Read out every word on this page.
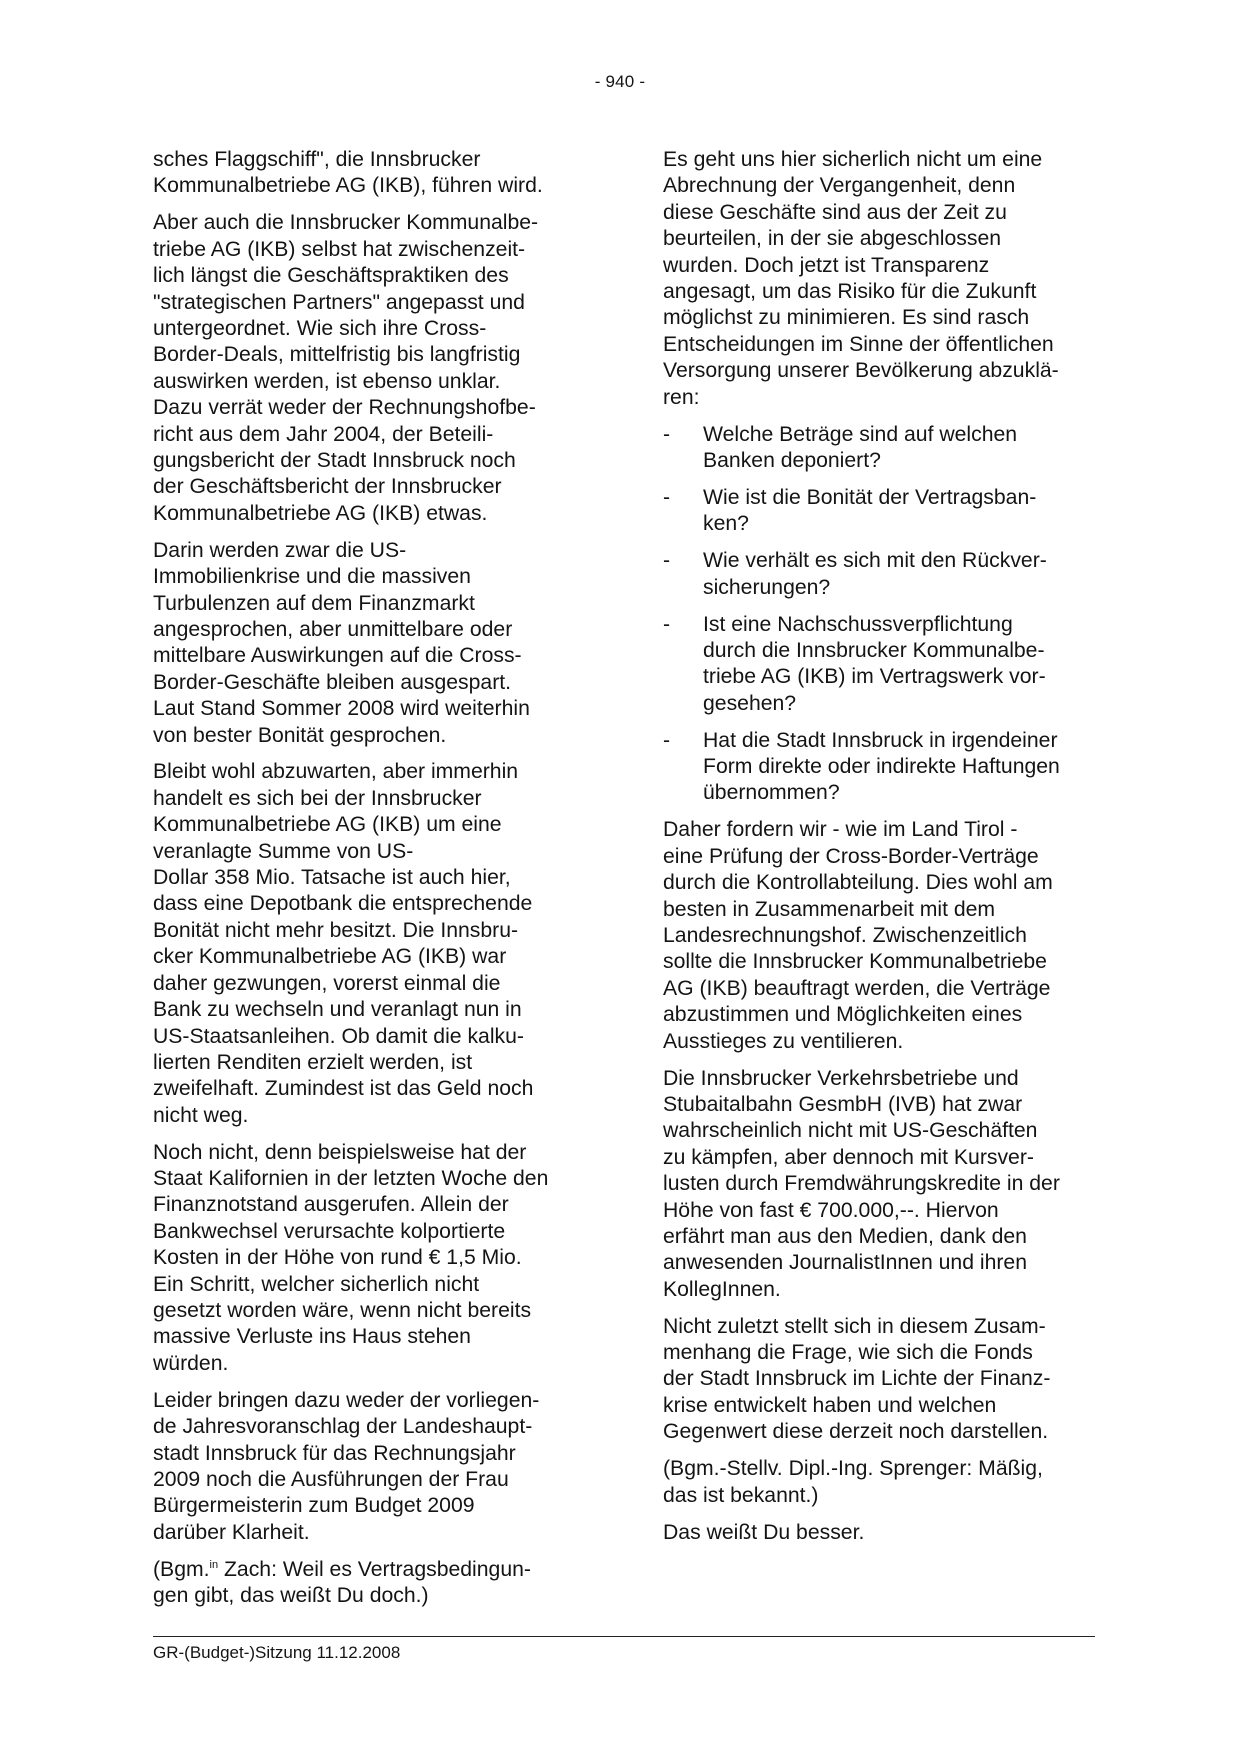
- 940 -

sches Flaggschiff", die Innsbrucker
Kommunalbetriebe AG (IKB), führen wird.

Aber auch die Innsbrucker Kommunalbe-
triebe AG (IKB) selbst hat zwischenzeit-
lich längst die Geschäftspraktiken des
"strategischen Partners" angepasst und
untergeordnet. Wie sich ihre Cross-
Border-Deals, mittelfristig bis langfristig
auswirken werden, ist ebenso unklar.
Dazu verrät weder der Rechnungshofbe-
richt aus dem Jahr 2004, der Beteili-
gungsbericht der Stadt Innsbruck noch
der Geschäftsbericht der Innsbrucker
Kommunalbetriebe AG (IKB) etwas.

Darin werden zwar die US-
Immobilienkrise und die massiven
Turbulenzen auf dem Finanzmarkt
angesprochen, aber unmittelbare oder
mittelbare Auswirkungen auf die Cross-
Border-Geschäfte bleiben ausgespart.
Laut Stand Sommer 2008 wird weiterhin
von bester Bonität gesprochen.

Bleibt wohl abzuwarten, aber immerhin
handelt es sich bei der Innsbrucker
Kommunalbetriebe AG (IKB) um eine
veranlagte Summe von US-
Dollar 358 Mio. Tatsache ist auch hier,
dass eine Depotbank die entsprechende
Bonität nicht mehr besitzt. Die Innsbru-
cker Kommunalbetriebe AG (IKB) war
daher gezwungen, vorerst einmal die
Bank zu wechseln und veranlagt nun in
US-Staatsanleihen. Ob damit die kalku-
lierten Renditen erzielt werden, ist
zweifelhaft. Zumindest ist das Geld noch
nicht weg.

Noch nicht, denn beispielsweise hat der
Staat Kalifornien in der letzten Woche den
Finanznotstand ausgerufen. Allein der
Bankwechsel verursachte kolportierte
Kosten in der Höhe von rund € 1,5 Mio.
Ein Schritt, welcher sicherlich nicht
gesetzt worden wäre, wenn nicht bereits
massive Verluste ins Haus stehen
würden.

Leider bringen dazu weder der vorliegen-
de Jahresvoranschlag der Landeshaupt-
stadt Innsbruck für das Rechnungsjahr
2009 noch die Ausführungen der Frau
Bürgermeisterin zum Budget 2009
darüber Klarheit.

(Bgm.$^{in}$ Zach: Weil es Vertragsbedingun-
gen gibt, das weißt Du doch.)

Es geht uns hier sicherlich nicht um eine
Abrechnung der Vergangenheit, denn
diese Geschäfte sind aus der Zeit zu
beurteilen, in der sie abgeschlossen
wurden. Doch jetzt ist Transparenz
angesagt, um das Risiko für die Zukunft
möglichst zu minimieren. Es sind rasch
Entscheidungen im Sinne der öffentlichen
Versorgung unserer Bevölkerung abzuklä-
ren:

- Welche Beträge sind auf welchen
Banken deponiert?
- Wie ist die Bonität der Vertragsban-
ken?
- Wie verhält es sich mit den Rückver-
sicherungen?
- Ist eine Nachschussverpflichtung
durch die Innsbrucker Kommunalbe-
triebe AG (IKB) im Vertragswerk vor-
gesehen?
- Hat die Stadt Innsbruck in irgendeiner
Form direkte oder indirekte Haftungen
übernommen?

Daher fordern wir - wie im Land Tirol -
eine Prüfung der Cross-Border-Verträge
durch die Kontrollabteilung. Dies wohl am
besten in Zusammenarbeit mit dem
Landesrechnungshof. Zwischenzeitlich
sollte die Innsbrucker Kommunalbetriebe
AG (IKB) beauftragt werden, die Verträge
abzustimmen und Möglichkeiten eines
Ausstieges zu ventilieren.

Die Innsbrucker Verkehrsbetriebe und
Stubaitalbahn GesmbH (IVB) hat zwar
wahrscheinlich nicht mit US-Geschäften
zu kämpfen, aber dennoch mit Kursver-
lusten durch Fremdwährungskredite in der
Höhe von fast € 700.000,--. Hiervon
erfährt man aus den Medien, dank den
anwesenden JournalistInnen und ihren
KollegInnen.

Nicht zuletzt stellt sich in diesem Zusam-
menhang die Frage, wie sich die Fonds
der Stadt Innsbruck im Lichte der Finanz-
krise entwickelt haben und welchen
Gegenwert diese derzeit noch darstellen.

(Bgm.-Stellv. Dipl.-Ing. Sprenger: Mäßig,
das ist bekannt.)

Das weißt Du besser.

GR-(Budget-)Sitzung 11.12.2008
